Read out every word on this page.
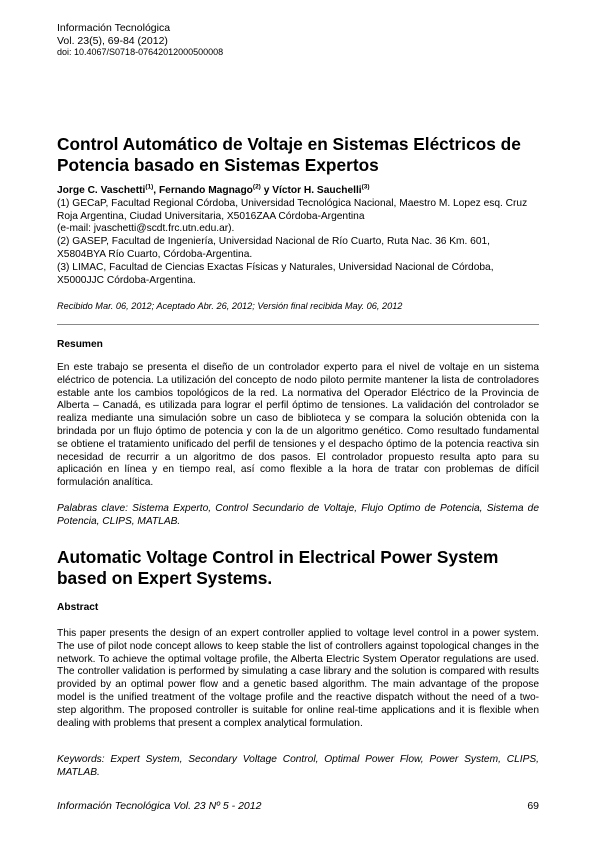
Información Tecnológica
Vol. 23(5), 69-84 (2012)
doi: 10.4067/S0718-07642012000500008
Control Automático de Voltaje en Sistemas Eléctricos de Potencia basado en Sistemas Expertos
Jorge C. Vaschetti$^{(1)}$, Fernando Magnago$^{(2)}$ y Víctor H. Sauchelli$^{(3)}$
(1) GECaP, Facultad Regional Córdoba, Universidad Tecnológica Nacional, Maestro M. Lopez esq. Cruz Roja Argentina, Ciudad Universitaria, X5016ZAA Córdoba-Argentina
(e-mail: jvaschetti@scdt.frc.utn.edu.ar).
(2) GASEP, Facultad de Ingeniería, Universidad Nacional de Río Cuarto, Ruta Nac. 36 Km. 601, X5804BYA Río Cuarto, Córdoba-Argentina.
(3) LIMAC, Facultad de Ciencias Exactas Físicas y Naturales, Universidad Nacional de Córdoba, X5000JJC Córdoba-Argentina.
Recibido Mar. 06, 2012; Aceptado Abr. 26, 2012; Versión final recibida May. 06, 2012
Resumen

En este trabajo se presenta el diseño de un controlador experto para el nivel de voltaje en un sistema eléctrico de potencia. La utilización del concepto de nodo piloto permite mantener la lista de controladores estable ante los cambios topológicos de la red. La normativa del Operador Eléctrico de la Provincia de Alberta – Canadá, es utilizada para lograr el perfil óptimo de tensiones. La validación del controlador se realiza mediante una simulación sobre un caso de biblioteca y se compara la solución obtenida con la brindada por un flujo óptimo de potencia y con la de un algoritmo genético. Como resultado fundamental se obtiene el tratamiento unificado del perfil de tensiones y el despacho óptimo de la potencia reactiva sin necesidad de recurrir a un algoritmo de dos pasos. El controlador propuesto resulta apto para su aplicación en línea y en tiempo real, así como flexible a la hora de tratar con problemas de difícil formulación analítica.

Palabras clave: Sistema Experto, Control Secundario de Voltaje, Flujo Optimo de Potencia, Sistema de Potencia, CLIPS, MATLAB.

Automatic Voltage Control in Electrical Power System based on Expert Systems.
Abstract

This paper presents the design of an expert controller applied to voltage level control in a power system. The use of pilot node concept allows to keep stable the list of controllers against topological changes in the network. To achieve the optimal voltage profile, the Alberta Electric System Operator regulations are used. The controller validation is performed by simulating a case library and the solution is compared with results provided by an optimal power flow and a genetic based algorithm. The main advantage of the propose model is the unified treatment of the voltage profile and the reactive dispatch without the need of a two-step algorithm. The proposed controller is suitable for online real-time applications and it is flexible when dealing with problems that present a complex analytical formulation.

Keywords: Expert System, Secondary Voltage Control, Optimal Power Flow, Power System, CLIPS, MATLAB.

Información Tecnológica Vol. 23 Nº 5 - 2012	69
